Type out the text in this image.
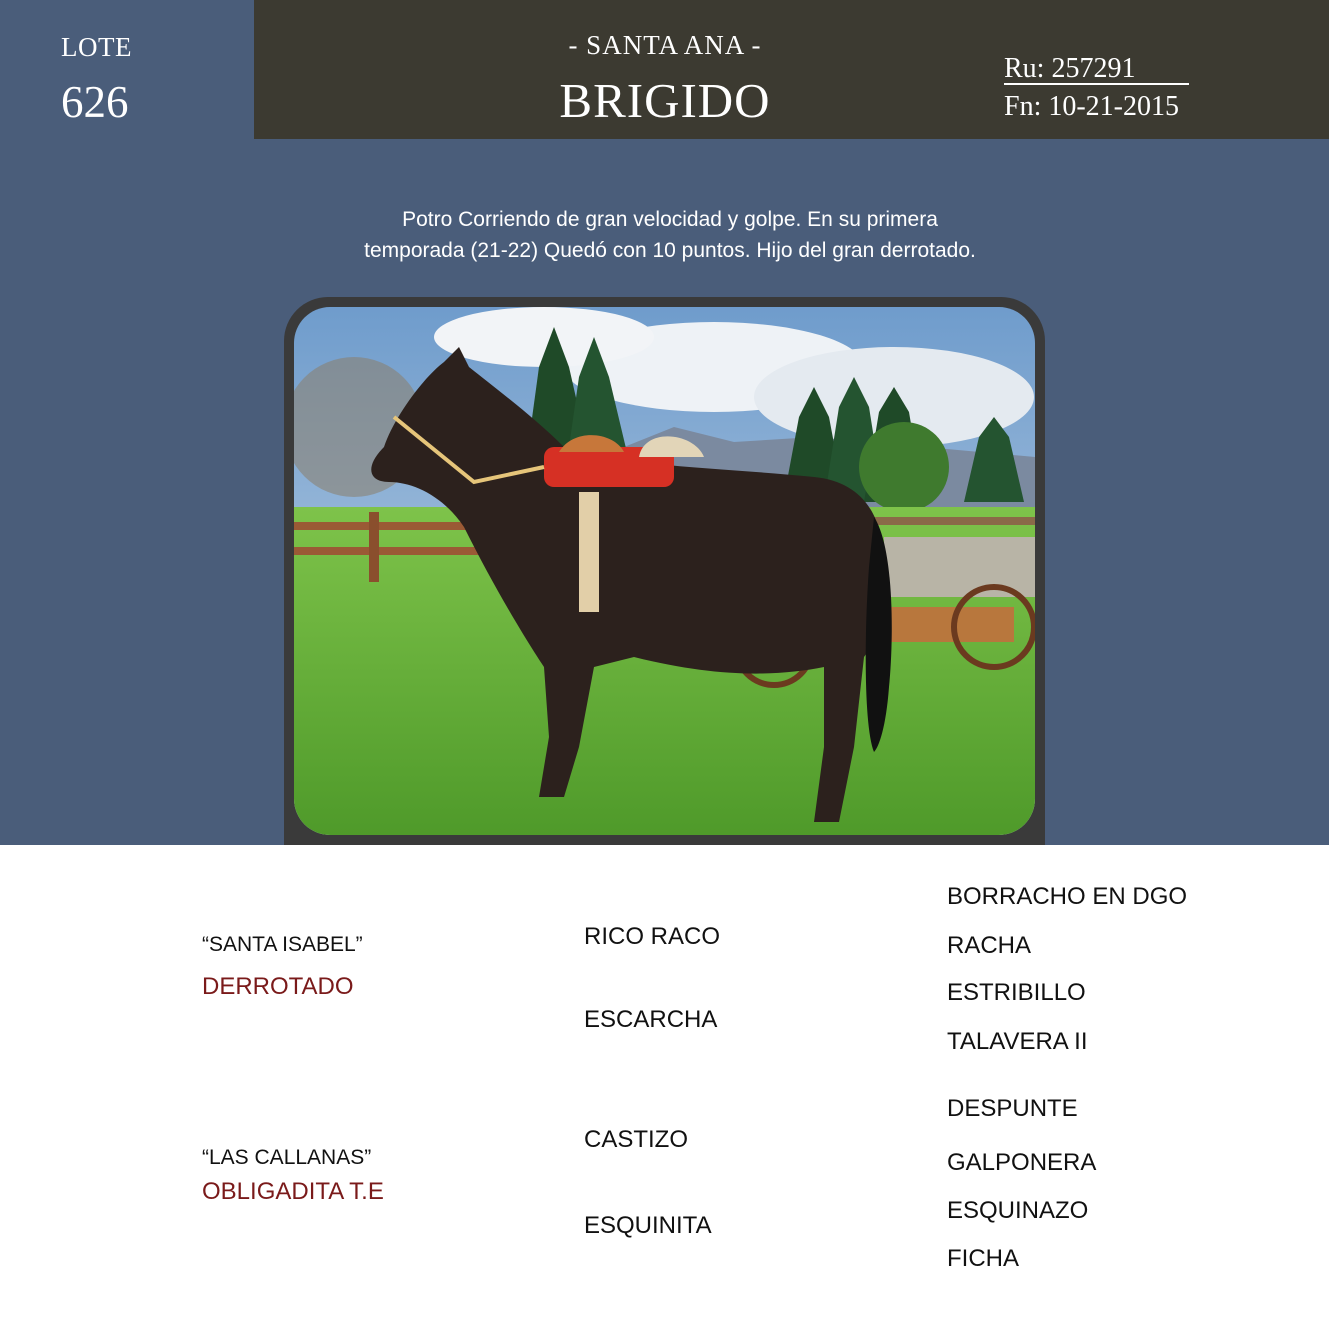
LOTE
626
- SANTA ANA -
BRIGIDO
Ru: 257291
Fn: 10-21-2015
Potro Corriendo de gran velocidad y golpe. En su primera
temporada (21-22) Quedó con 10 puntos. Hijo del gran derrotado.
“SANTA ISABEL”
DERROTADO
RICO RACO
ESCARCHA
BORRACHO EN DGO
RACHA
ESTRIBILLO
TALAVERA II
“LAS CALLANAS”
OBLIGADITA T.E
CASTIZO
ESQUINITA
DESPUNTE
GALPONERA
ESQUINAZO
FICHA
